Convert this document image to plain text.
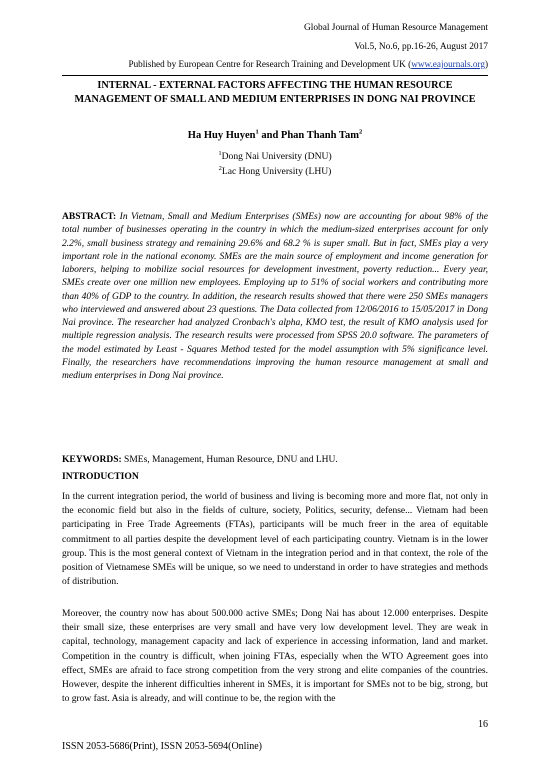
Global Journal of Human Resource Management
Vol.5, No.6, pp.16-26, August 2017
Published by European Centre for Research Training and Development UK (www.eajournals.org)
INTERNAL - EXTERNAL FACTORS AFFECTING THE HUMAN RESOURCE MANAGEMENT OF SMALL AND MEDIUM ENTERPRISES IN DONG NAI PROVINCE
Ha Huy Huyen$^1$ and Phan Thanh Tam$^2$
$^1$Dong Nai University (DNU)
$^2$Lac Hong University (LHU)
ABSTRACT: In Vietnam, Small and Medium Enterprises (SMEs) now are accounting for about 98% of the total number of businesses operating in the country in which the medium-sized enterprises account for only 2.2%, small business strategy and remaining 29.6% and 68.2 % is super small. But in fact, SMEs play a very important role in the national economy. SMEs are the main source of employment and income generation for laborers, helping to mobilize social resources for development investment, poverty reduction... Every year, SMEs create over one million new employees. Employing up to 51% of social workers and contributing more than 40% of GDP to the country. In addition, the research results showed that there were 250 SMEs managers who interviewed and answered about 23 questions. The Data collected from 12/06/2016 to 15/05/2017 in Dong Nai province. The researcher had analyzed Cronbach's alpha, KMO test, the result of KMO analysis used for multiple regression analysis. The research results were processed from SPSS 20.0 software. The parameters of the model estimated by Least - Squares Method tested for the model assumption with 5% significance level. Finally, the researchers have recommendations improving the human resource management at small and medium enterprises in Dong Nai province.
KEYWORDS: SMEs, Management, Human Resource, DNU and LHU.
INTRODUCTION
In the current integration period, the world of business and living is becoming more and more flat, not only in the economic field but also in the fields of culture, society, Politics, security, defense... Vietnam had been participating in Free Trade Agreements (FTAs), participants will be much freer in the area of equitable commitment to all parties despite the development level of each participating country. Vietnam is in the lower group. This is the most general context of Vietnam in the integration period and in that context, the role of the position of Vietnamese SMEs will be unique, so we need to understand in order to have strategies and methods of distribution.
Moreover, the country now has about 500.000 active SMEs; Dong Nai has about 12.000 enterprises. Despite their small size, these enterprises are very small and have very low development level. They are weak in capital, technology, management capacity and lack of experience in accessing information, land and market. Competition in the country is difficult, when joining FTAs, especially when the WTO Agreement goes into effect, SMEs are afraid to face strong competition from the very strong and elite companies of the countries. However, despite the inherent difficulties inherent in SMEs, it is important for SMEs not to be big, strong, but to grow fast. Asia is already, and will continue to be, the region with the
16
ISSN 2053-5686(Print), ISSN 2053-5694(Online)
